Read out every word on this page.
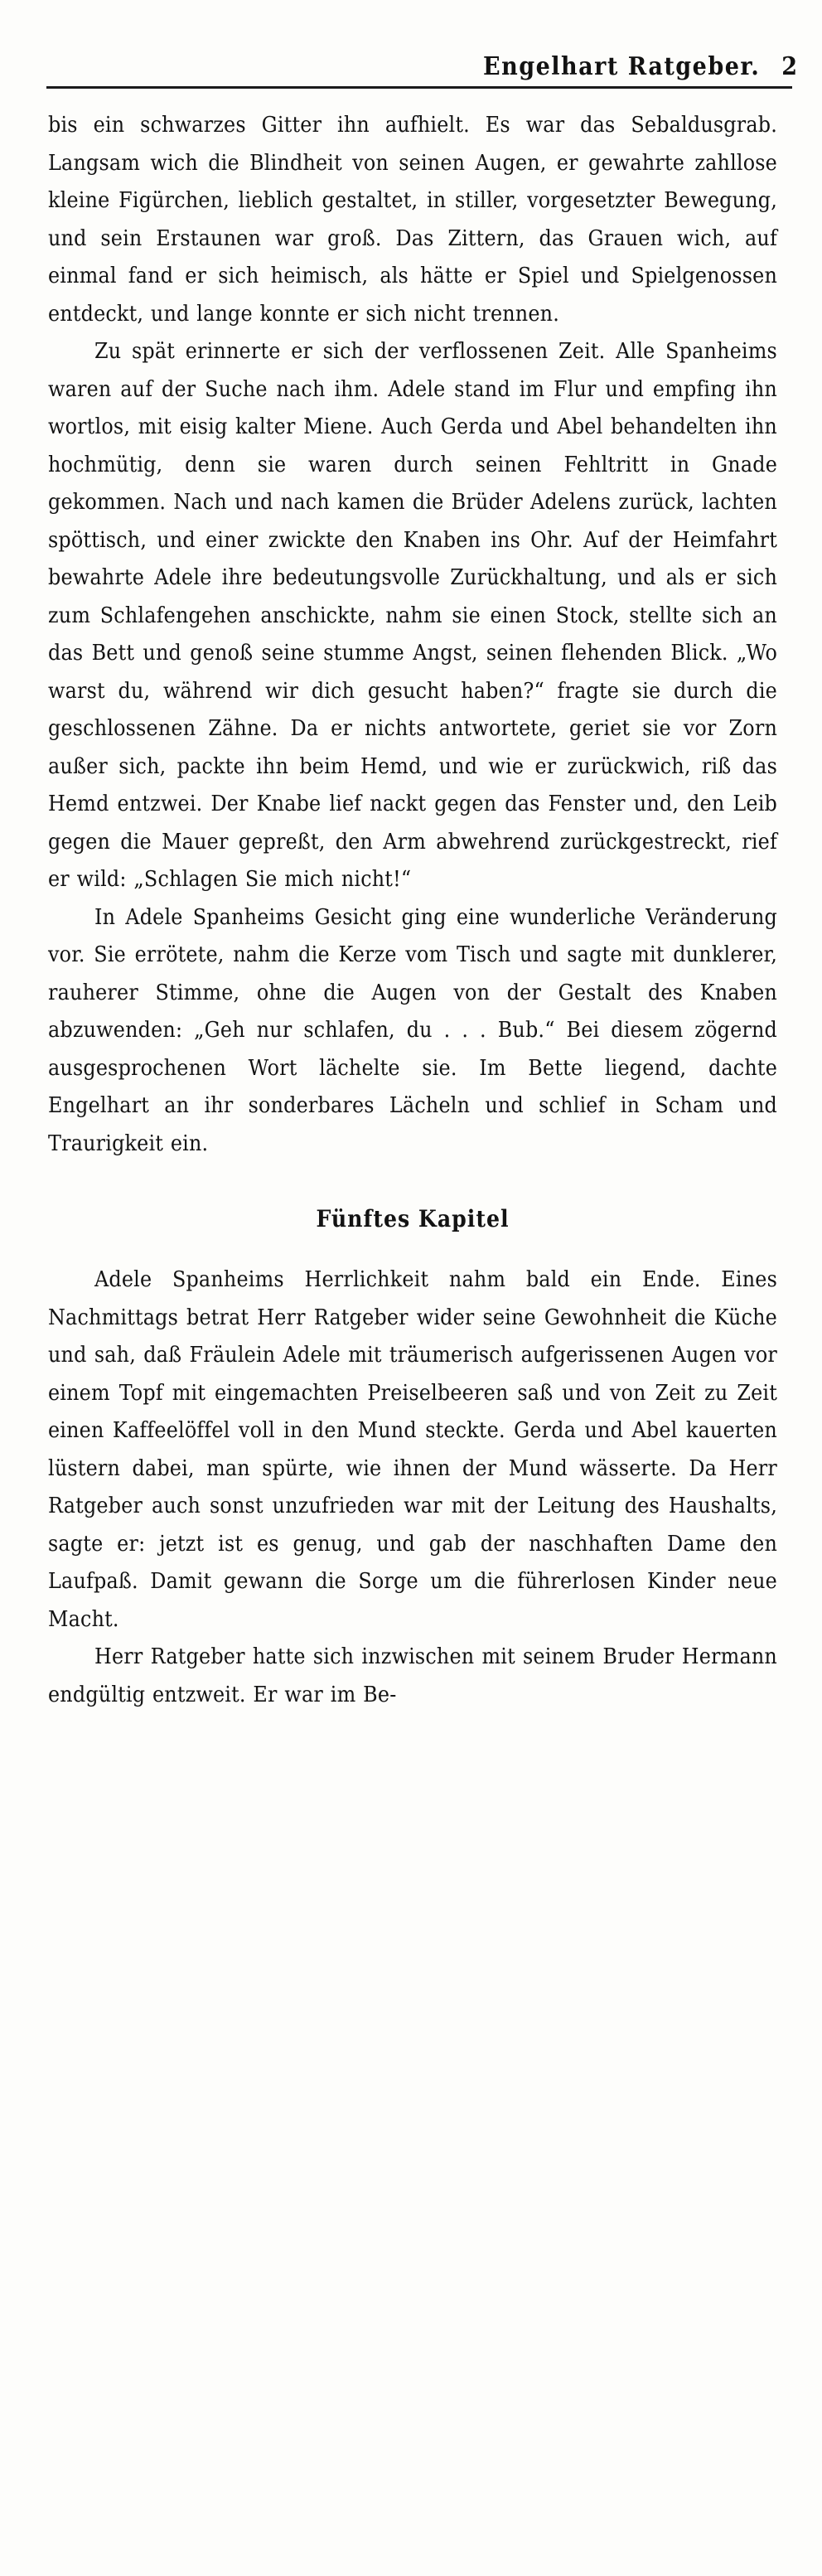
Engelhart Ratgeber. 2

bis ein schwarzes Gitter ihn aufhielt. Es war das Sebaldusgrab. Langsam wich die Blindheit von seinen Augen, er gewahrte zahllose kleine Figürchen, lieblich gestaltet, in stiller, vorgesetzter Bewegung, und sein Erstaunen war groß. Das Zittern, das Grauen wich, auf einmal fand er sich heimisch, als hätte er Spiel und Spielgenossen entdeckt, und lange konnte er sich nicht trennen.

Zu spät erinnerte er sich der verflossenen Zeit. Alle Spanheims waren auf der Suche nach ihm. Adele stand im Flur und empfing ihn wortlos, mit eisig kalter Miene. Auch Gerda und Abel behandelten ihn hochmütig, denn sie waren durch seinen Fehltritt in Gnade gekommen. Nach und nach kamen die Brüder Adelens zurück, lachten spöttisch, und einer zwickte den Knaben ins Ohr. Auf der Heimfahrt bewahrte Adele ihre bedeutungsvolle Zurückhaltung, und als er sich zum Schlafengehen anschickte, nahm sie einen Stock, stellte sich an das Bett und genoß seine stumme Angst, seinen flehenden Blick. „Wo warst du, während wir dich gesucht haben?“ fragte sie durch die geschlossenen Zähne. Da er nichts antwortete, geriet sie vor Zorn außer sich, packte ihn beim Hemd, und wie er zurückwich, riß das Hemd entzwei. Der Knabe lief nackt gegen das Fenster und, den Leib gegen die Mauer gepreßt, den Arm abwehrend zurückgestreckt, rief er wild: „Schlagen Sie mich nicht!“

In Adele Spanheims Gesicht ging eine wunderliche Veränderung vor. Sie errötete, nahm die Kerze vom Tisch und sagte mit dunklerer, rauherer Stimme, ohne die Augen von der Gestalt des Knaben abzuwenden: „Geh nur schlafen, du . . . Bub.“ Bei diesem zögernd ausgesprochenen Wort lächelte sie. Im Bette liegend, dachte Engelhart an ihr sonderbares Lächeln und schlief in Scham und Traurigkeit ein.

Fünftes Kapitel

Adele Spanheims Herrlichkeit nahm bald ein Ende. Eines Nachmittags betrat Herr Ratgeber wider seine Gewohnheit die Küche und sah, daß Fräulein Adele mit träumerisch aufgerissenen Augen vor einem Topf mit eingemachten Preiselbeeren saß und von Zeit zu Zeit einen Kaffeelöffel voll in den Mund steckte. Gerda und Abel kauerten lüstern dabei, man spürte, wie ihnen der Mund wässerte. Da Herr Ratgeber auch sonst unzufrieden war mit der Leitung des Haushalts, sagte er: jetzt ist es genug, und gab der naschhaften Dame den Laufpaß. Damit gewann die Sorge um die führerlosen Kinder neue Macht.

Herr Ratgeber hatte sich inzwischen mit seinem Bruder Hermann endgültig entzweit. Er war im Be-
